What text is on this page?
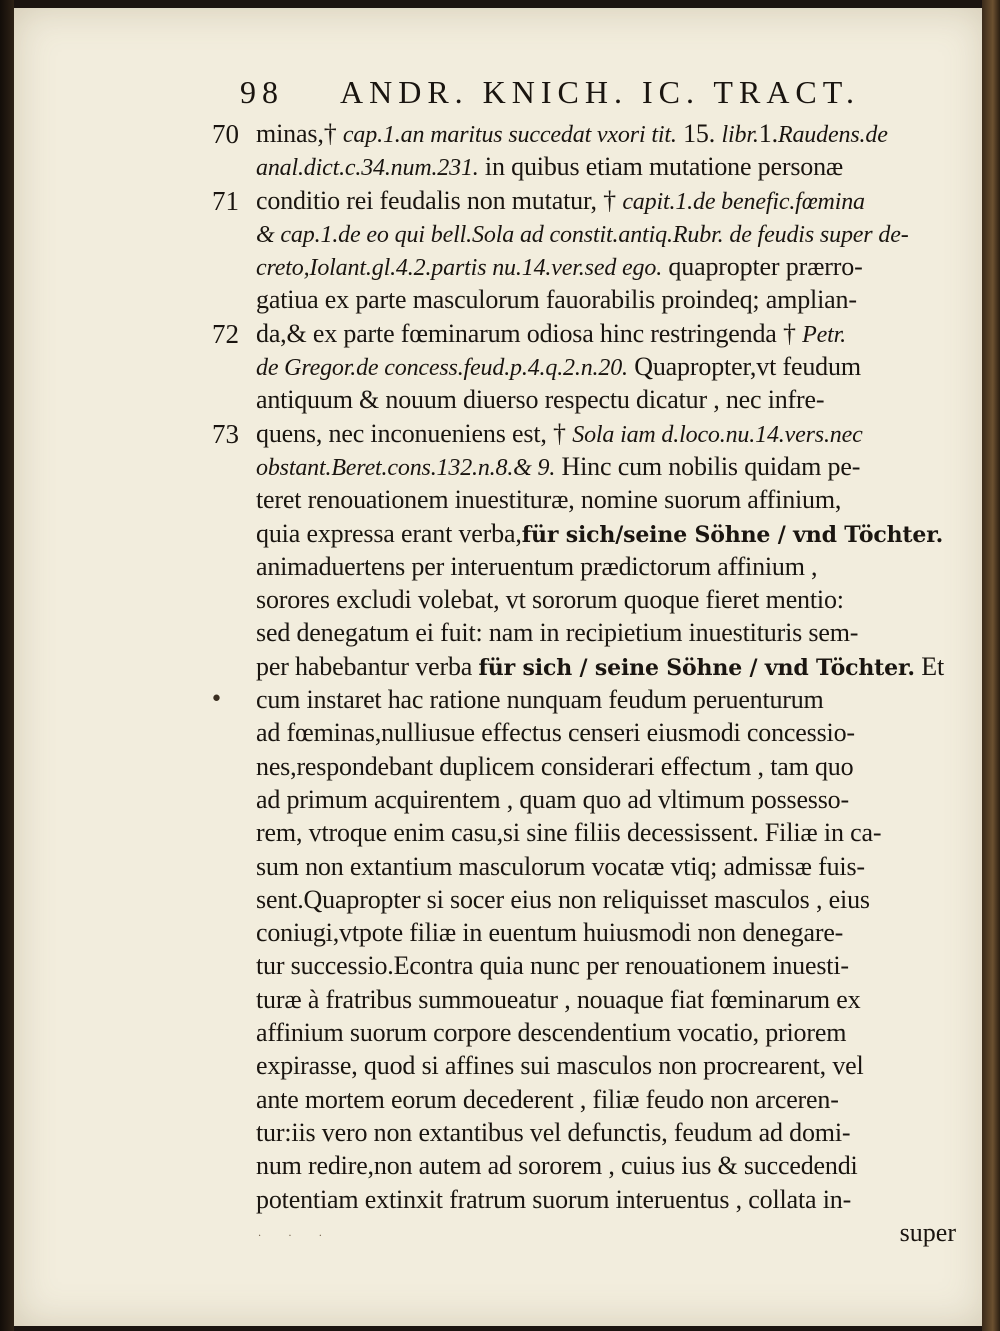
98 ANDR. KNICH. IC. TRACT.
70
71
72
73
•
minas,† cap.1.an maritus succedat vxori tit. 15. libr.1.Raudens.de
anal.dict.c.34.num.231. in quibus etiam mutatione personæ
conditio rei feudalis non mutatur, † capit.1.de benefic.fœmina
& cap.1.de eo qui bell.Sola ad constit.antiq.Rubr. de feudis super de-
creto,Iolant.gl.4.2.partis nu.14.ver.sed ego. quapropter prærro-
gatiua ex parte masculorum fauorabilis proindeq; amplian-
da,& ex parte fœminarum odiosa hinc restringenda † Petr.
de Gregor.de concess.feud.p.4.q.2.n.20. Quapropter,vt feudum
antiquum & nouum diuerso respectu dicatur , nec infre-
quens, nec inconueniens est, † Sola iam d.loco.nu.14.vers.nec
obstant.Beret.cons.132.n.8.& 9. Hinc cum nobilis quidam pe-
teret renouationem inuestituræ, nomine suorum affinium,
quia expressa erant verba,für sich/seine Söhne / vnd Töchter.
animaduertens per interuentum prædictorum affinium ,
sorores excludi volebat, vt sororum quoque fieret mentio:
sed denegatum ei fuit: nam in recipietium inuestituris sem-
per habebantur verba für sich / seine Söhne / vnd Töchter. Et
cum instaret hac ratione nunquam feudum peruenturum
ad fœminas,nulliusue effectus censeri eiusmodi concessio-
nes,respondebant duplicem considerari effectum , tam quo
ad primum acquirentem , quam quo ad vltimum possesso-
rem, vtroque enim casu,si sine filiis decessissent. Filiæ in ca-
sum non extantium masculorum vocatæ vtiq; admissæ fuis-
sent.Quapropter si socer eius non reliquisset masculos , eius
coniugi,vtpote filiæ in euentum huiusmodi non denegare-
tur successio.Econtra quia nunc per renouationem inuesti-
turæ à fratribus summoueatur , nouaque fiat fœminarum ex
affinium suorum corpore descendentium vocatio, priorem
expirasse, quod si affines sui masculos non procrearent, vel
ante mortem eorum decederent , filiæ feudo non arceren-
tur:iis vero non extantibus vel defunctis, feudum ad domi-
num redire,non autem ad sororem , cuius ius & succedendi
potentiam extinxit fratrum suorum interuentus , collata in-
super
. . .
